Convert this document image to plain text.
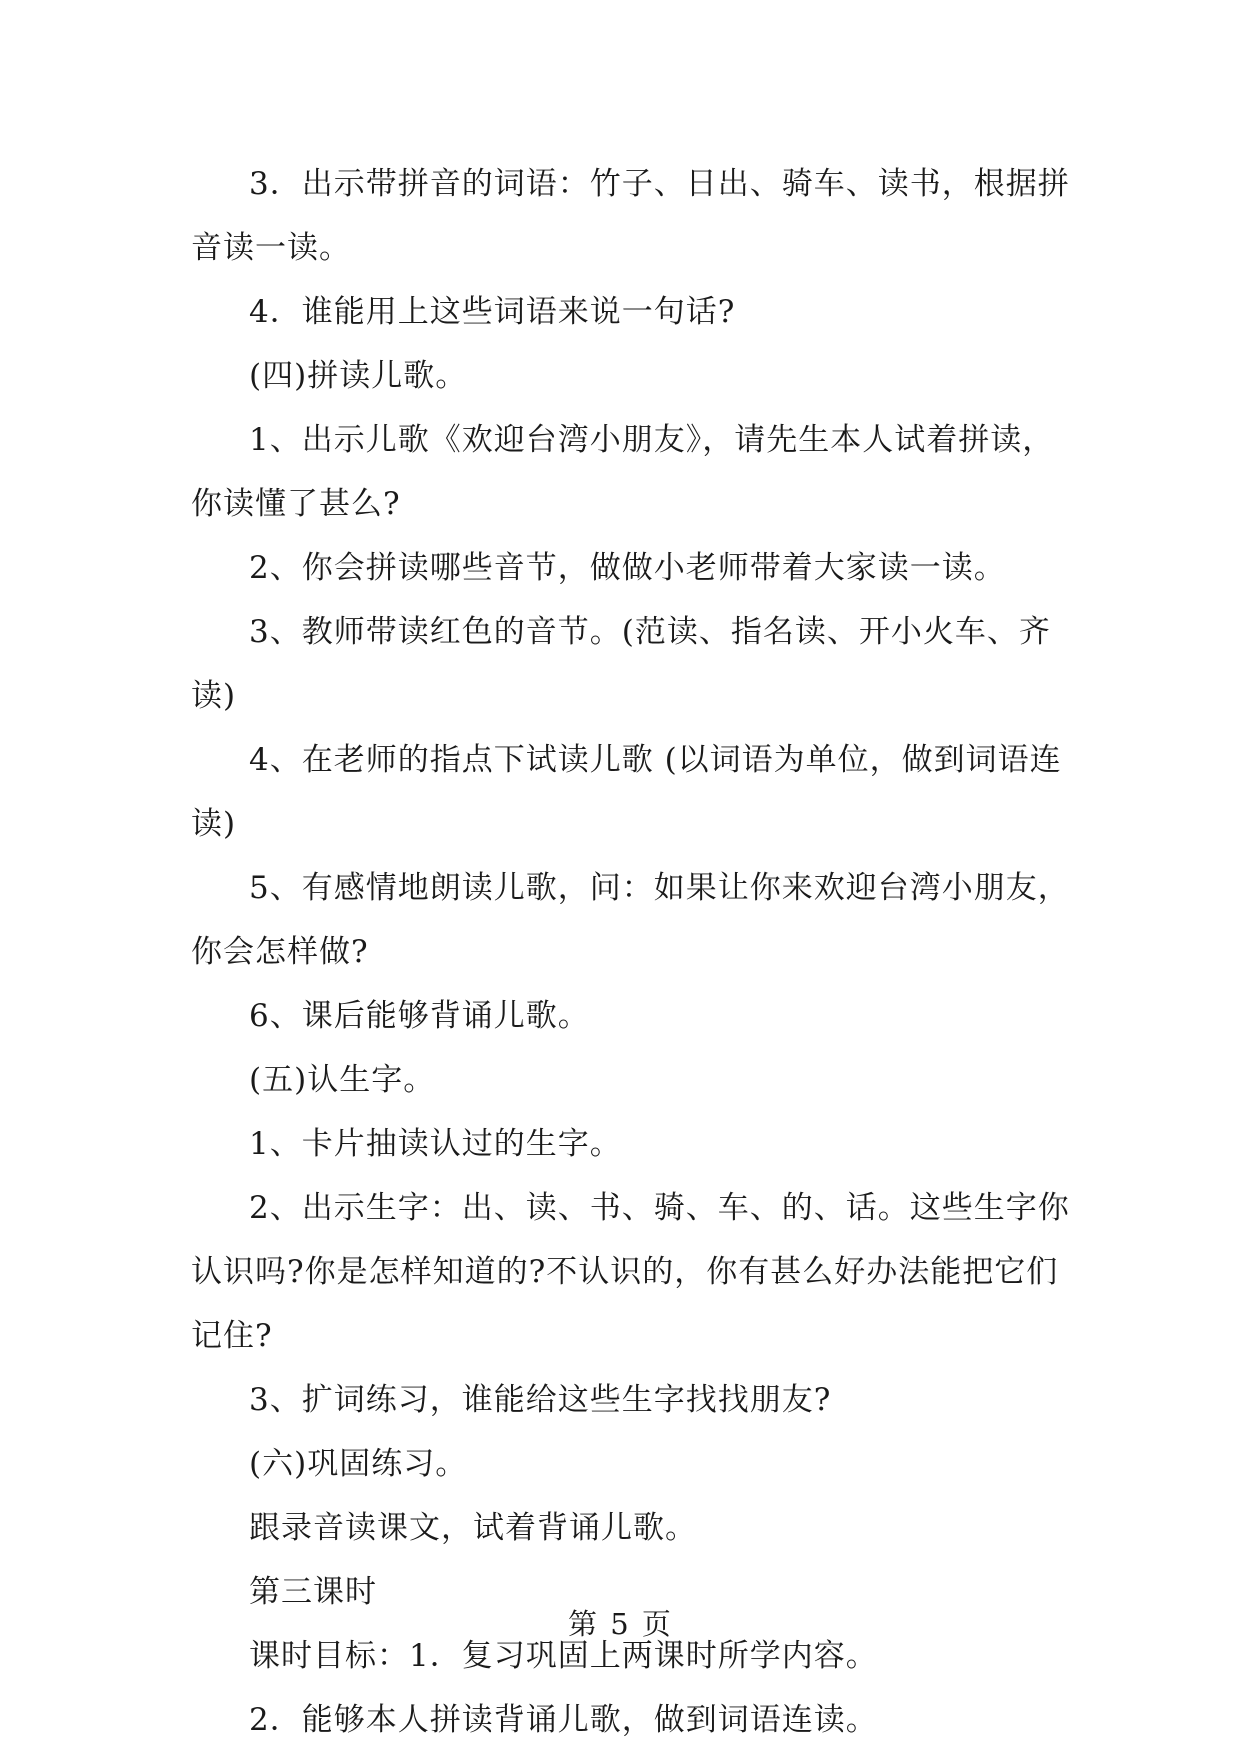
3．出示带拼音的词语：竹子、日出、骑车、读书，根据拼音读一读。

4．谁能用上这些词语来说一句话?

(四)拼读儿歌。

1、出示儿歌《欢迎台湾小朋友》，请先生本人试着拼读，你读懂了甚么?

2、你会拼读哪些音节，做做小老师带着大家读一读。

3、教师带读红色的音节。(范读、指名读、开小火车、齐读)

4、在老师的指点下试读儿歌 (以词语为单位，做到词语连读)

5、有感情地朗读儿歌，问：如果让你来欢迎台湾小朋友，你会怎样做?

6、课后能够背诵儿歌。

(五)认生字。

1、卡片抽读认过的生字。

2、出示生字：出、读、书、骑、车、的、话。这些生字你认识吗?你是怎样知道的?不认识的，你有甚么好办法能把它们记住?

3、扩词练习，谁能给这些生字找找朋友?

(六)巩固练习。

跟录音读课文，试着背诵儿歌。

第三课时

课时目标：1．复习巩固上两课时所学内容。

2．能够本人拼读背诵儿歌，做到词语连读。

第 5 页
